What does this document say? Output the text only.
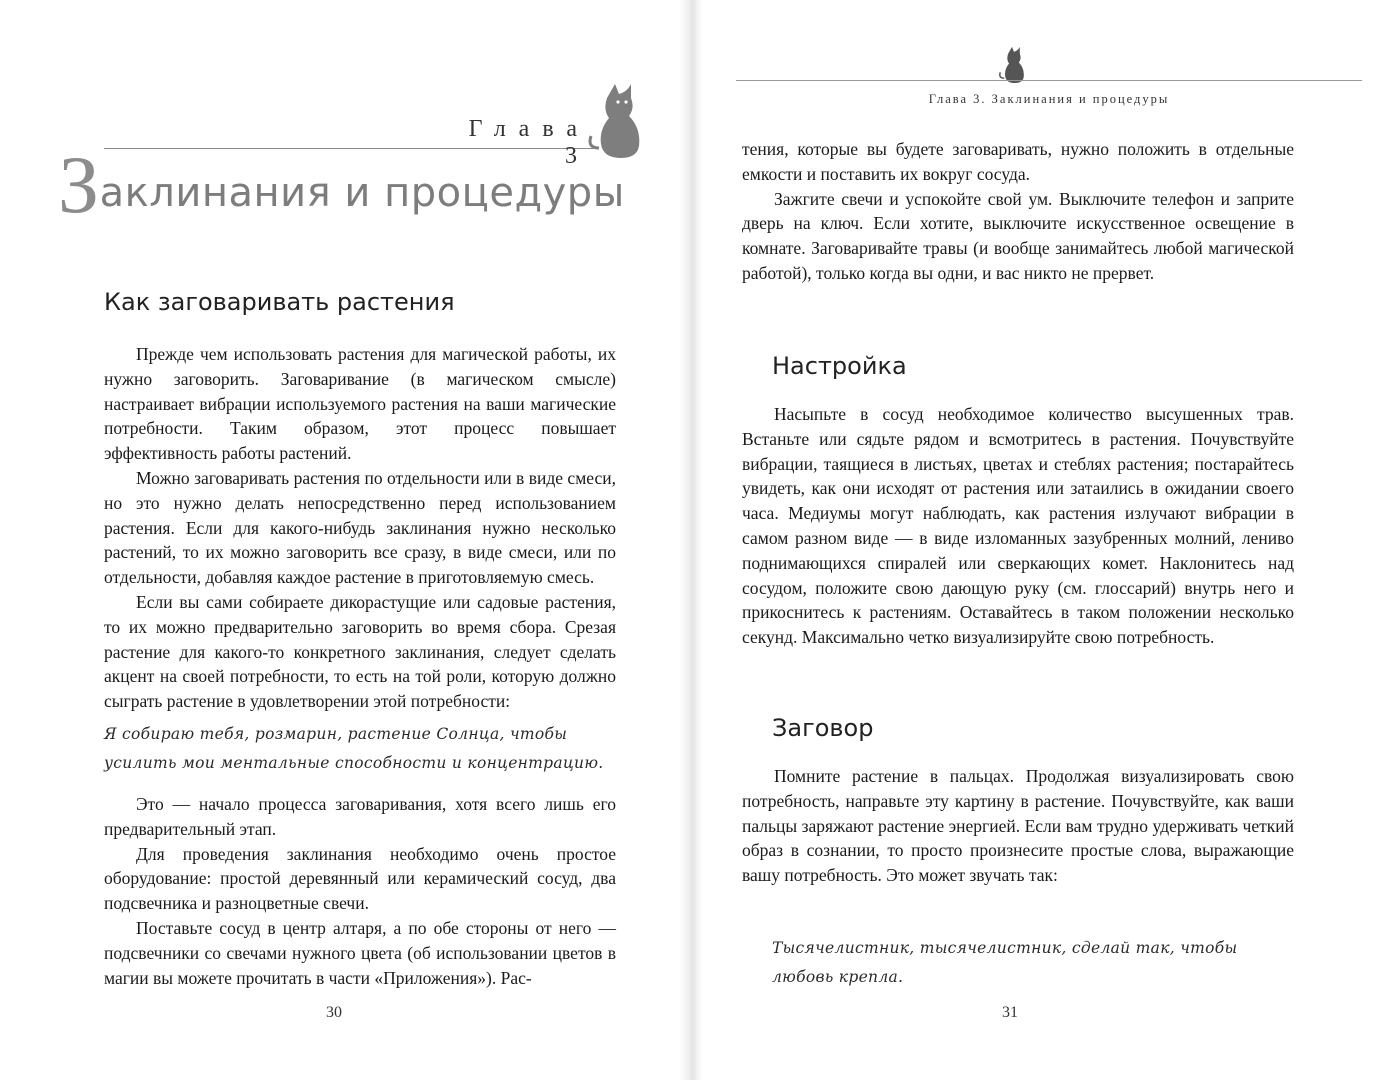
Глава 3
Заклинания и процедуры
Как заговаривать растения

Прежде чем использовать растения для магической работы, их нужно заговорить. Заговаривание (в магическом смысле) настраивает вибрации используемого растения на ваши магические потребности. Таким образом, этот процесс повышает эффективность работы растений.

Можно заговаривать растения по отдельности или в виде смеси, но это нужно делать непосредственно перед использованием растения. Если для какого-нибудь заклинания нужно несколько растений, то их можно заговорить все сразу, в виде смеси, или по отдельности, добавляя каждое растение в приготовляемую смесь.

Если вы сами собираете дикорастущие или садовые растения, то их можно предварительно заговорить во время сбора. Срезая растение для какого-то конкретного заклинания, следует сделать акцент на своей потребности, то есть на той роли, которую должно сыграть растение в удовлетворении этой потребности:

Я собираю тебя, розмарин, растение Солнца, чтобы усилить мои ментальные способности и концентрацию.

Это — начало процесса заговаривания, хотя всего лишь его предварительный этап.

Для проведения заклинания необходимо очень простое оборудование: простой деревянный или керамический сосуд, два подсвечника и разноцветные свечи.

Поставьте сосуд в центр алтаря, а по обе стороны от него — подсвечники со свечами нужного цвета (об использовании цветов в магии вы можете прочитать в части «Приложения»). Рас-

30
Глава 3. Заклинания и процедуры

тения, которые вы будете заговаривать, нужно положить в отдельные емкости и поставить их вокруг сосуда.

Зажгите свечи и успокойте свой ум. Выключите телефон и заприте дверь на ключ. Если хотите, выключите искусственное освещение в комнате. Заговаривайте травы (и вообще занимайтесь любой магической работой), только когда вы одни, и вас никто не прервет.

Настройка

Насыпьте в сосуд необходимое количество высушенных трав. Встаньте или сядьте рядом и всмотритесь в растения. Почувствуйте вибрации, таящиеся в листьях, цветах и стеблях растения; постарайтесь увидеть, как они исходят от растения или затаились в ожидании своего часа. Медиумы могут наблюдать, как растения излучают вибрации в самом разном виде — в виде изломанных зазубренных молний, лениво поднимающихся спиралей или сверкающих комет. Наклонитесь над сосудом, положите свою дающую руку (см. глоссарий) внутрь него и прикоснитесь к растениям. Оставайтесь в таком положении несколько секунд. Максимально четко визуализируйте свою потребность.

Заговор

Помните растение в пальцах. Продолжая визуализировать свою потребность, направьте эту картину в растение. Почувствуйте, как ваши пальцы заряжают растение энергией. Если вам трудно удерживать четкий образ в сознании, то просто произнесите простые слова, выражающие вашу потребность. Это может звучать так:

Тысячелистник, тысячелистник, сделай так, чтобы любовь крепла.

31
